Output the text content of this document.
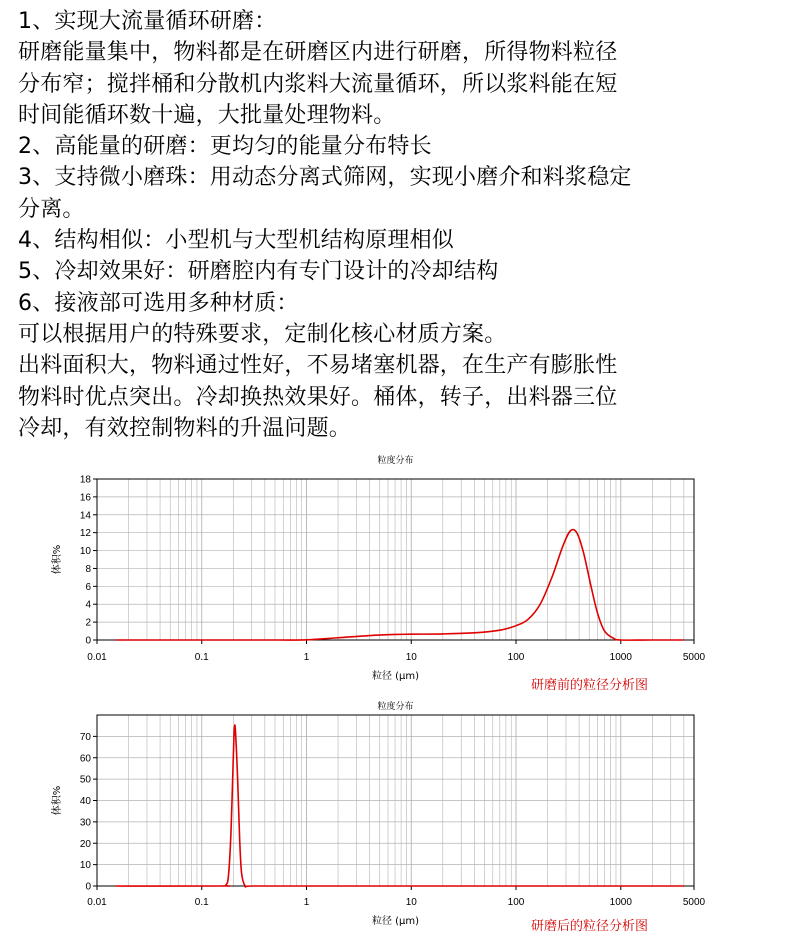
1、实现大流量循环研磨：
研磨能量集中，物料都是在研磨区内进行研磨，所得物料粒径
分布窄；搅拌桶和分散机内浆料大流量循环，所以浆料能在短
时间能循环数十遍，大批量处理物料。
2、高能量的研磨：更均匀的能量分布特长
3、支持微小磨珠：用动态分离式筛网，实现小磨介和料浆稳定
分离。
4、结构相似：小型机与大型机结构原理相似
5、冷却效果好：研磨腔内有专门设计的冷却结构
6、接液部可选用多种材质：
可以根据用户的特殊要求，定制化核心材质方案。
出料面积大，物料通过性好，不易堵塞机器，在生产有膨胀性
物料时优点突出。冷却换热效果好。桶体，转子，出料器三位
冷却，有效控制物料的升温问题。
0
2
4
6
8
10
12
14
16
18
0.01	0.1	1	10	100	1000	5000
粒度分布
粒径 (μm)
体积%
研磨前的粒径分析图
0
10
20
30
40
50
60
70
0.01	0.1	1	10	100	1000	5000
粒度分布
粒径 (μm)
体积%
研磨后的粒径分析图
